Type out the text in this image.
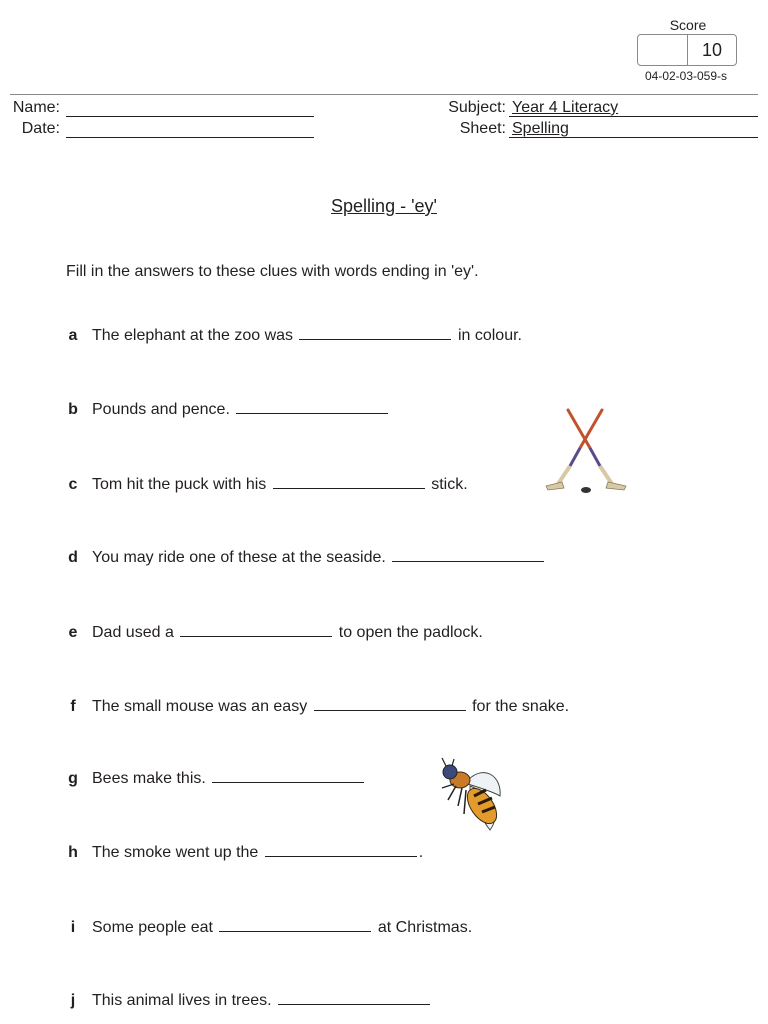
Score
10
04-02-03-059-s
Name:
Date:
Subject: Year 4 Literacy
Sheet: Spelling
Spelling - 'ey'
Fill in the answers to these clues with words ending in 'ey'.
a The elephant at the zoo was	in colour.
b Pounds and pence.
c Tom hit the puck with his	stick.
d You may ride one of these at the seaside.
e Dad used a	to open the padlock.
f The small mouse was an easy	for the snake.
g Bees make this.
h The smoke went up the	.
i Some people eat	at Christmas.
j This animal lives in trees.
